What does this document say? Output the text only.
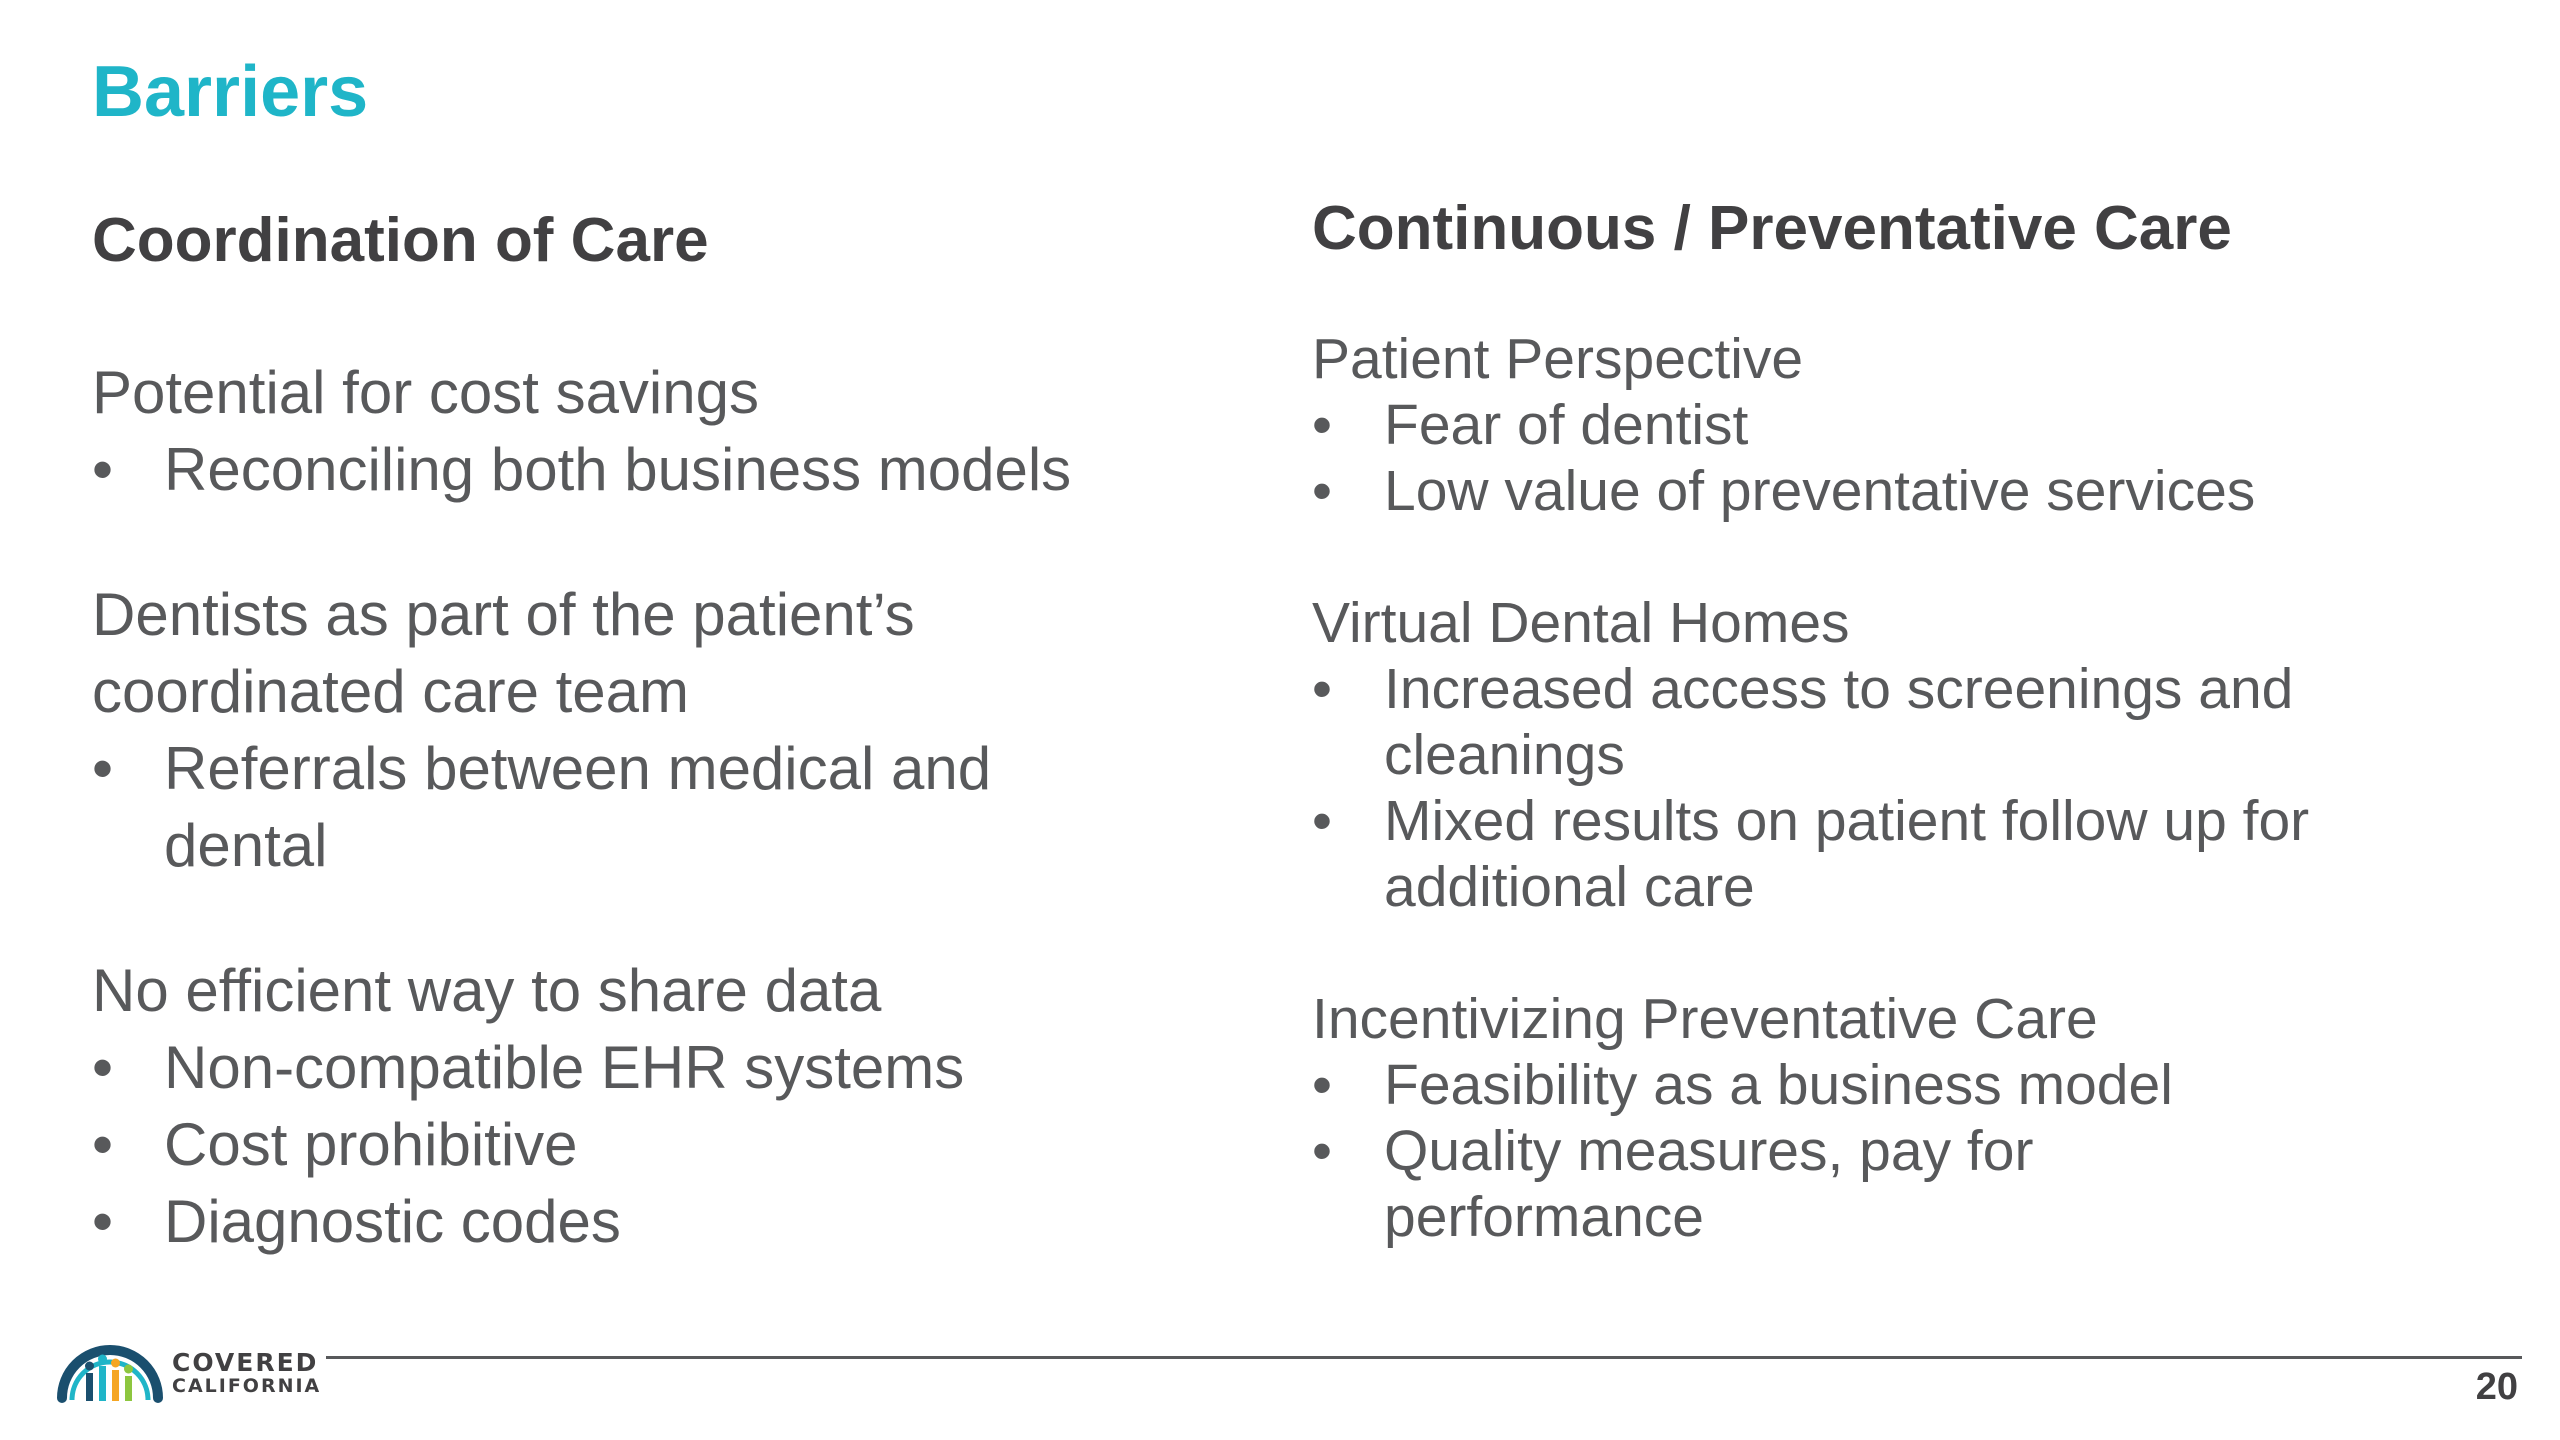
Barriers
Coordination of Care

Potential for cost savings

• Reconciling both business models

Dentists as part of the patient’s

coordinated care team

• Referrals between medical and dental

No efficient way to share data

• Non-compatible EHR systems
• Cost prohibitive
• Diagnostic codes
Continuous / Preventative Care

Patient Perspective

• Fear of dentist
• Low value of preventative services

Virtual Dental Homes

• Increased access to screenings and cleanings
• Mixed results on patient follow up for additional care

Incentivizing Preventative Care

• Feasibility as a business model
• Quality measures, pay for performance
COVERED
CALIFORNIA	20
